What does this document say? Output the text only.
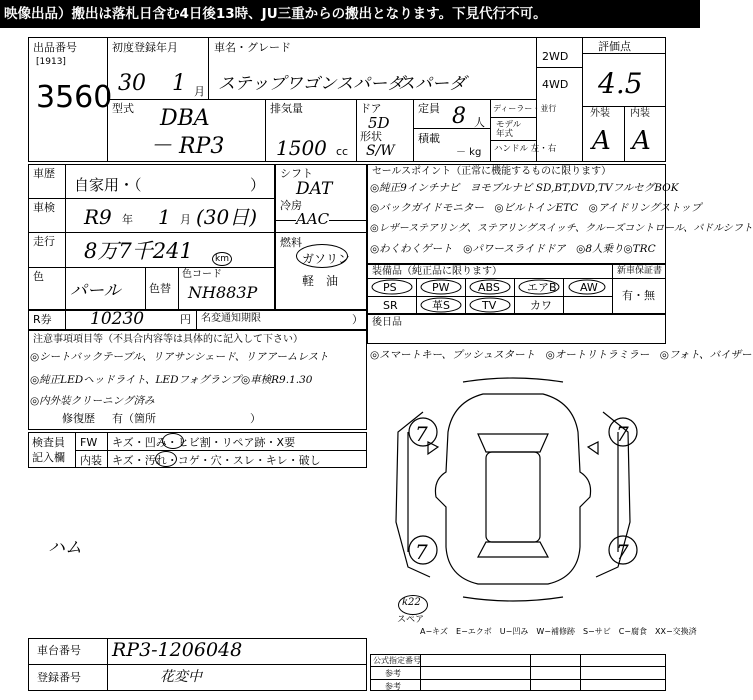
映像出品）搬出は落札日含む4日後13時、JU三重からの搬出となります。下見代行不可。
出品番号
[1913]
3560
初度登録年月
30 1 月
車名・グレード
ステップワゴンスパーダ
スパーダ
2WD
4WD
評価点
4.5
型式 DBA
－ RP3
排気量
1500 cc
ドア
5D
形状
S/W
定員 8 人
積載
－ kg
ディーラー・並行
モデル
年式
ハンドル 左・右
外装 内装
A A
車歴
自家用・（	）
車検 R9 年 1 月 (30日)
走行 8万7千241	km
色
パール	色替
色コード
NH883P
シフト
DAT
冷房
AAC
燃料
ガソリン
軽　油
R券 10230	円 名変通知期限	）
セールスポイント（正常に機能するものに限ります）
◎純正9インチナビ　ヨモブルナビ SD,BT,DVD,TVフルセグBOK
◎バックガイドモニター　◎ビルトインETC　◎アイドリングストップ
◎レザーステアリング、ステアリングスイッチ、クルーズコントロール、パドルシフト
◎わくわくゲート　◎パワースライドドア　◎8人乗り◎TRC
装備品（純正品に限ります）	新車保証書
有・無
PS	PW	ABS エアB AW
SR	革S	TV	カワ
後日品
注意事項項目等（不具合内容等は具体的に記入して下さい）
◎シートバックテーブル、リアサンシェード、リアアームレスト
◎純正LEDヘッドライト、LEDフォグランプ◎車検R9.1.30
◎内外装クリーニング済み
修復歴 有（箇所	）
◎スマートキー、プッシュスタート　◎オートリトラミラー　◎フォト、バイザー
検査員
記入欄
FW キズ・凹み・ヒビ割・リペア跡・X要
内装 キズ・汚れ・コゲ・穴・スレ・キレ・破し
ハム
7	7
7	7
k22
スペア
A−キズ　E−エクボ　U−凹み　W−補修跡　S−サビ　C−腐食　XX−交換済
車台番号 RP3-1206048
登録番号	花変中
公式指定番号
参考
参考
